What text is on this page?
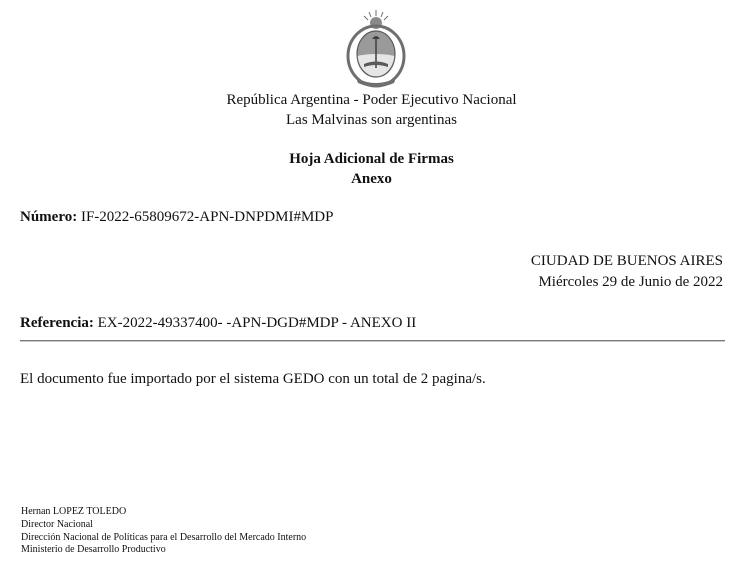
República Argentina - Poder Ejecutivo Nacional
Las Malvinas son argentinas
Hoja Adicional de Firmas
Anexo
Número: IF-2022-65809672-APN-DNPDMI#MDP
CIUDAD DE BUENOS AIRES
Miércoles 29 de Junio de 2022
Referencia: EX-2022-49337400- -APN-DGD#MDP - ANEXO II
El documento fue importado por el sistema GEDO con un total de 2 pagina/s.
Hernan LOPEZ TOLEDO
Director Nacional
Dirección Nacional de Políticas para el Desarrollo del Mercado Interno
Ministerio de Desarrollo Productivo
